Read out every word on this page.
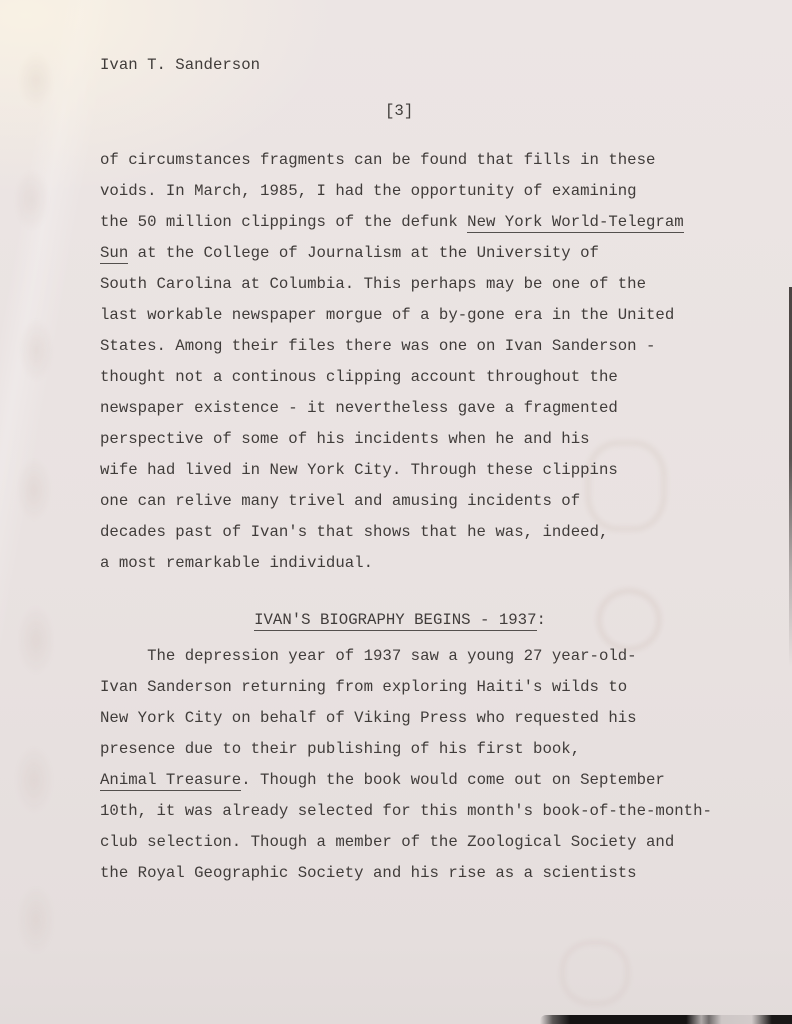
Ivan T. Sanderson
[3]
of circumstances fragments can be found that fills in these
voids. In March, 1985, I had the opportunity of examining
the 50 million clippings of the defunk New York World-Telegram
Sun at the College of Journalism at the University of
South Carolina at Columbia. This perhaps may be one of the
last workable newspaper morgue of a by-gone era in the United
States. Among their files there was one on Ivan Sanderson -
thought not a continous clipping account throughout the
newspaper existence - it nevertheless gave a fragmented
perspective of some of his incidents when he and his
wife had lived in New York City. Through these clippins
one can relive many trivel and amusing incidents of
decades past of Ivan's that shows that he was, indeed,
a most remarkable individual.
IVAN'S BIOGRAPHY BEGINS - 1937:
The depression year of 1937 saw a young 27 year-old-
Ivan Sanderson returning from exploring Haiti's wilds to
New York City on behalf of Viking Press who requested his
presence due to their publishing of his first book,
Animal Treasure. Though the book would come out on September
10th, it was already selected for this month's book-of-the-month-
club selection. Though a member of the Zoological Society and
the Royal Geographic Society and his rise as a scientists
